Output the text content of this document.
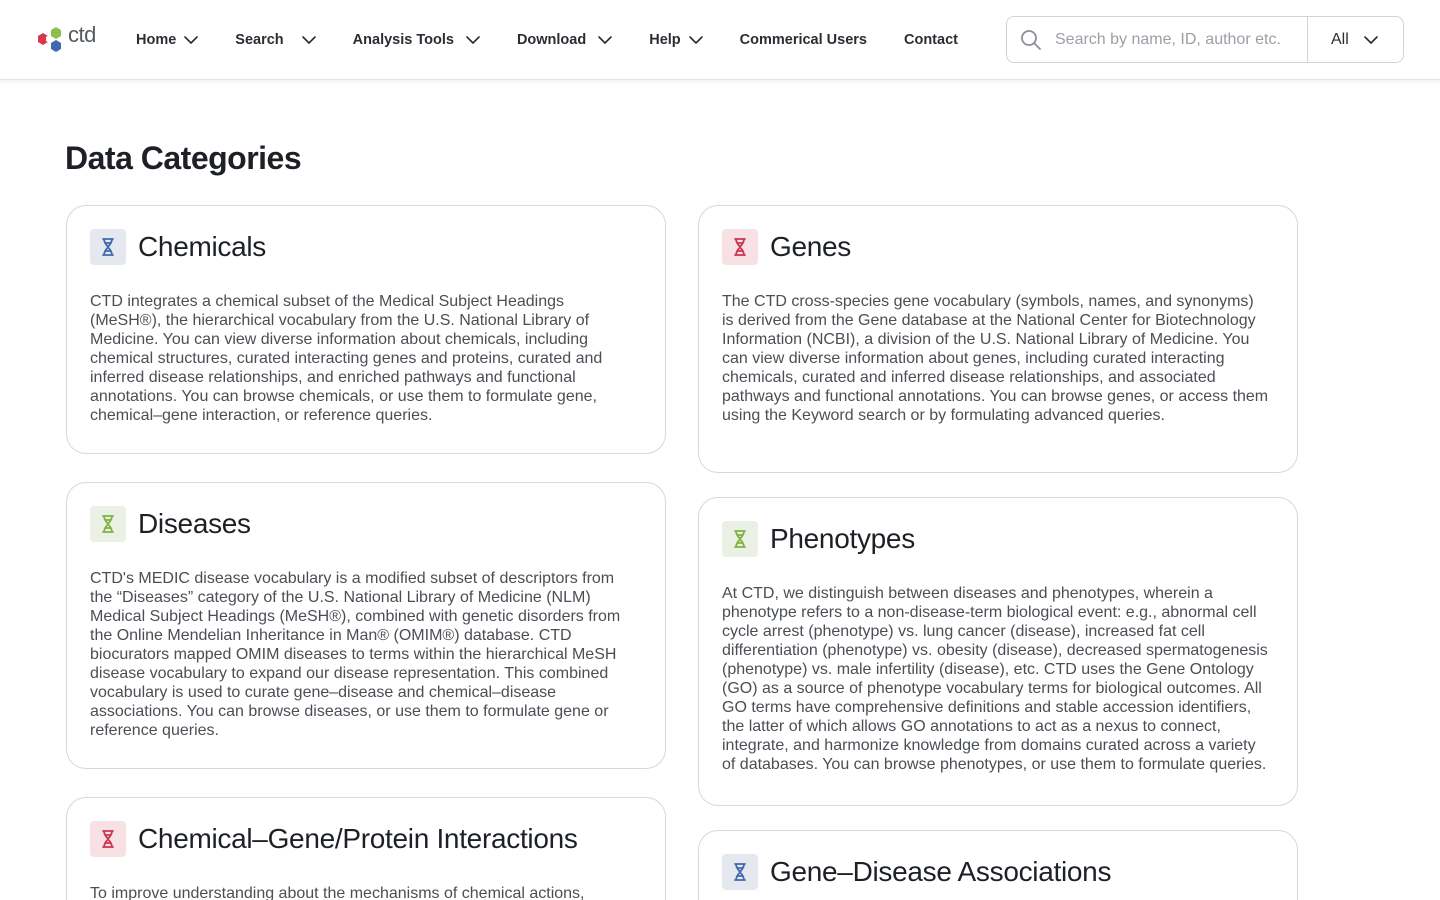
ctd	Home	Search	Analysis Tools	Download	Help	Commerical Users	Contact
Search by name, ID, author etc.	All
Data Categories
Chemicals

CTD integrates a chemical subset of the Medical Subject Headings (MeSH®), the hierarchical vocabulary from the U.S. National Library of Medicine. You can view diverse information about chemicals, including chemical structures, curated interacting genes and proteins, curated and inferred disease relationships, and enriched pathways and functional annotations. You can browse chemicals, or use them to formulate gene, chemical–gene interaction, or reference queries.

Genes

The CTD cross-species gene vocabulary (symbols, names, and synonyms) is derived from the Gene database at the National Center for Biotechnology Information (NCBI), a division of the U.S. National Library of Medicine. You can view diverse information about genes, including curated interacting chemicals, curated and inferred disease relationships, and associated pathways and functional annotations. You can browse genes, or access them using the Keyword search or by formulating advanced queries.

Diseases

CTD's MEDIC disease vocabulary is a modified subset of descriptors from the “Diseases” category of the U.S. National Library of Medicine (NLM) Medical Subject Headings (MeSH®), combined with genetic disorders from the Online Mendelian Inheritance in Man® (OMIM®) database. CTD biocurators mapped OMIM diseases to terms within the hierarchical MeSH disease vocabulary to expand our disease representation. This combined vocabulary is used to curate gene–disease and chemical–disease associations. You can browse diseases, or use them to formulate gene or reference queries.

Phenotypes

At CTD, we distinguish between diseases and phenotypes, wherein a phenotype refers to a non-disease-term biological event: e.g., abnormal cell cycle arrest (phenotype) vs. lung cancer (disease), increased fat cell differentiation (phenotype) vs. obesity (disease), decreased spermatogenesis (phenotype) vs. male infertility (disease), etc. CTD uses the Gene Ontology (GO) as a source of phenotype vocabulary terms for biological outcomes. All GO terms have comprehensive definitions and stable accession identifiers, the latter of which allows GO annotations to act as a nexus to connect, integrate, and harmonize knowledge from domains curated across a variety of databases. You can browse phenotypes, or use them to formulate queries.

Chemical–Gene/Protein Interactions

To improve understanding about the mechanisms of chemical actions,

Gene–Disease Associations
